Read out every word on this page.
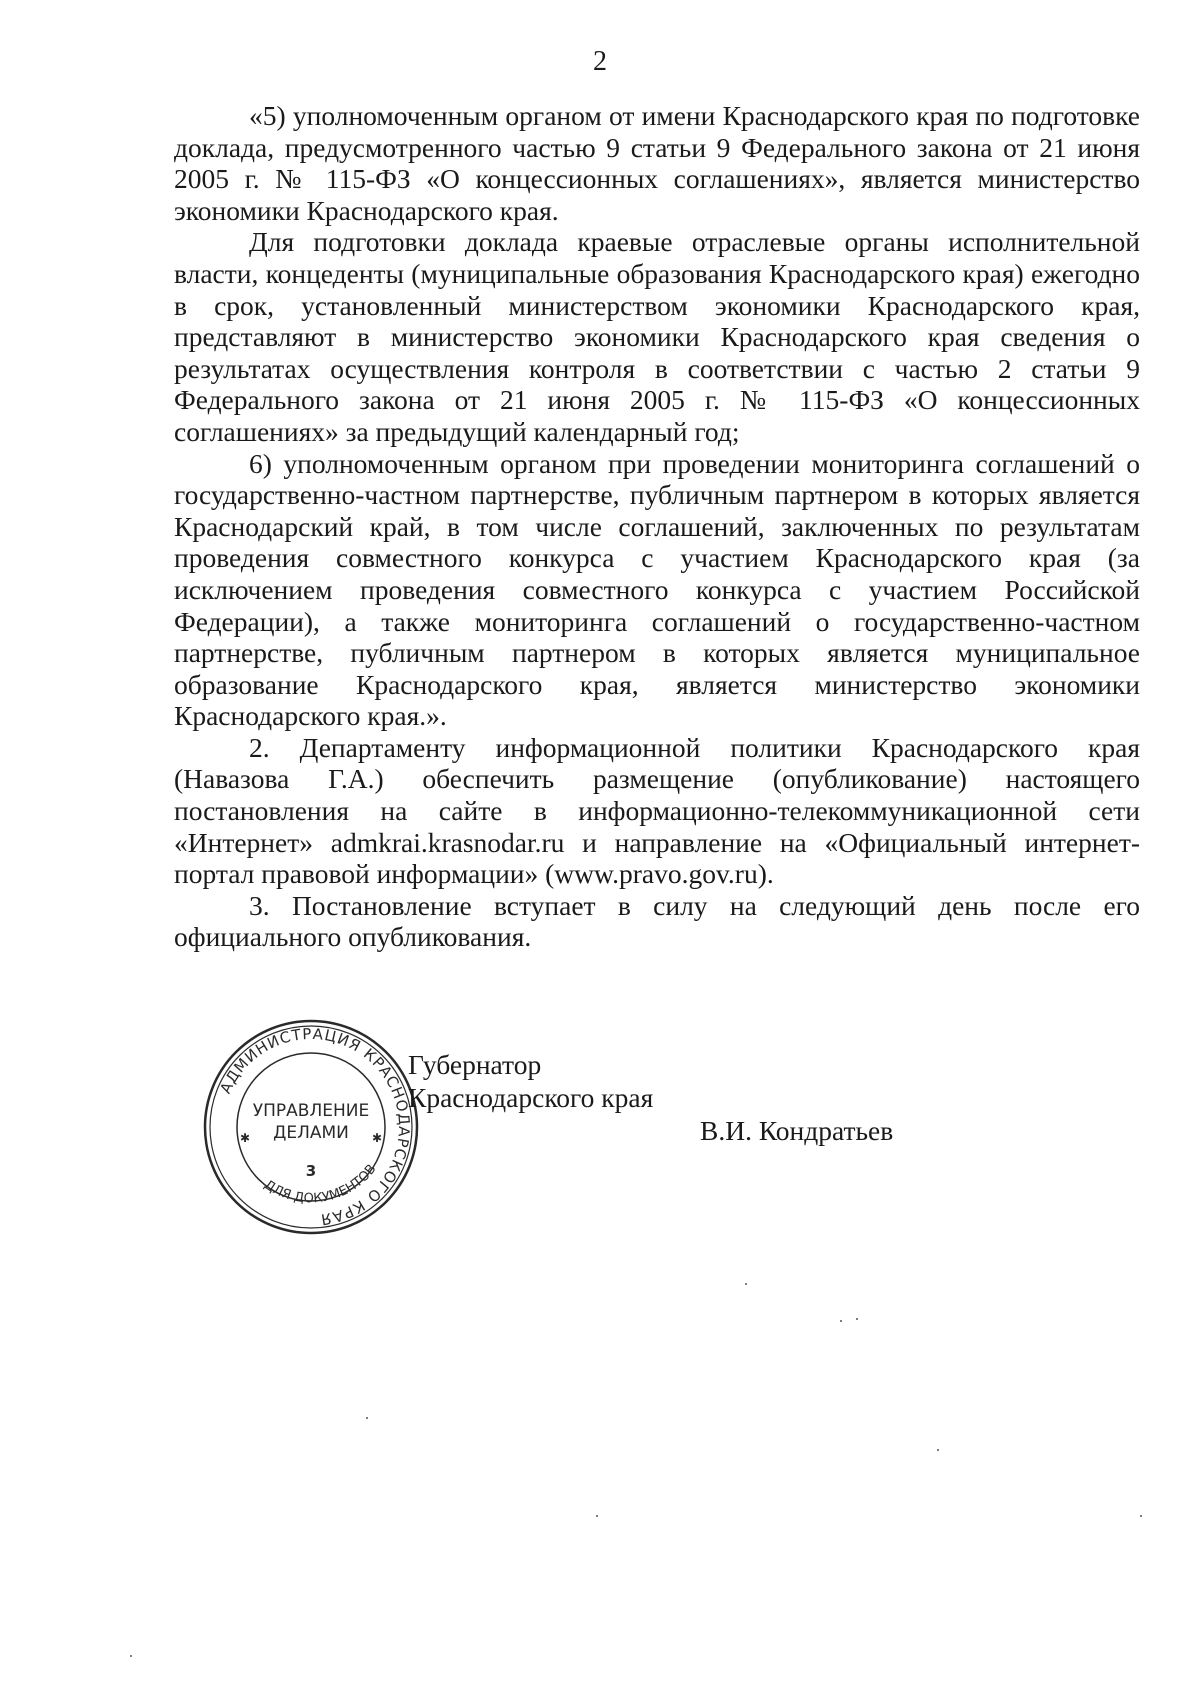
2

«5) уполномоченным органом от имени Краснодарского края по подготовке доклада, предусмотренного частью 9 статьи 9 Федерального закона от 21 июня 2005 г. № 115-ФЗ «О концессионных соглашениях», является министерство экономики Краснодарского края.

Для подготовки доклада краевые отраслевые органы исполнительной власти, концеденты (муниципальные образования Краснодарского края) ежегодно в срок, установленный министерством экономики Краснодарского края, представляют в министерство экономики Краснодарского края сведения о результатах осуществления контроля в соответствии с частью 2 статьи 9 Федерального закона от 21 июня 2005 г. № 115-ФЗ «О концессионных соглашениях» за предыдущий календарный год;

6) уполномоченным органом при проведении мониторинга соглашений о государственно-частном партнерстве, публичным партнером в которых является Краснодарский край, в том числе соглашений, заключенных по результатам проведения совместного конкурса с участием Краснодарского края (за исключением проведения совместного конкурса с участием Российской Федерации), а также мониторинга соглашений о государственно-частном партнерстве, публичным партнером в которых является муниципальное образование Краснодарского края, является министерство экономики Краснодарского края.».

2. Департаменту информационной политики Краснодарского края (Навазова Г.А.) обеспечить размещение (опубликование) настоящего постановления на сайте в информационно-телекоммуникационной сети «Интернет» admkrai.krasnodar.ru и направление на «Официальный интернет-портал правовой информации» (www.pravo.gov.ru).

3. Постановление вступает в силу на следующий день после его официального опубликования.

АДМИНИСТРАЦИЯ КРАСНОДАРСКОГО КРАЯ
ДЛЯ ДОКУМЕНТОВ
УПРАВЛЕНИЕ
ДЕЛАМИ
3
✱	✱
Губернатор
Краснодарского края
В.И. Кондратьев
